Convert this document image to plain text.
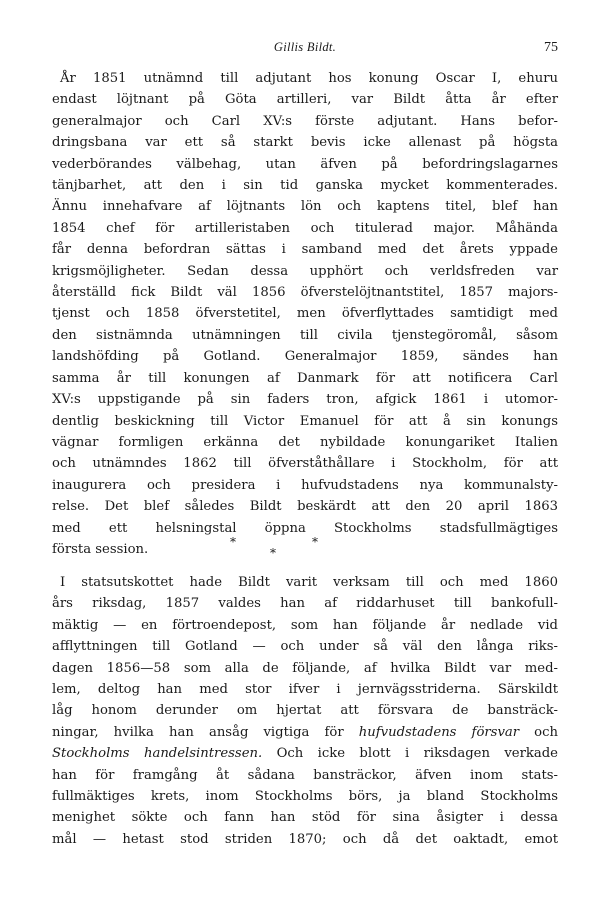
Gillis Bildt.	75
År 1851 utnämnd till adjutant hos konung Oscar I, ehuru
endast löjtnant på Göta artilleri, var Bildt åtta år efter
generalmajor och Carl XV:s förste adjutant. Hans befor-
dringsbana var ett så starkt bevis icke allenast på högsta
vederbörandes välbehag, utan äfven på befordringslagarnes
tänjbarhet, att den i sin tid ganska mycket kommenterades.
Ännu innehafvare af löjtnants lön och kaptens titel, blef han
1854 chef för artilleristaben och titulerad major. Måhända
får denna befordran sättas i samband med det årets yppade
krigsmöjligheter. Sedan dessa upphört och verldsfreden var
återställd fick Bildt väl 1856 öfverstelöjtnantstitel, 1857 majors-
tjenst och 1858 öfverstetitel, men öfverflyttades samtidigt med
den sistnämnda utnämningen till civila tjenstegöromål, såsom
landshöfding på Gotland. Generalmajor 1859, sändes han
samma år till konungen af Danmark för att notificera Carl
XV:s uppstigande på sin faders tron, afgick 1861 i utomor-
dentlig beskickning till Victor Emanuel för att å sin konungs
vägnar formligen erkänna det nybildade konungariket Italien
och utnämndes 1862 till öfverståthållare i Stockholm, för att
inaugurera och presidera i hufvudstadens nya kommunalsty-
relse. Det blef således Bildt beskärdt att den 20 april 1863
med ett helsningstal öppna Stockholms stadsfullmägtiges
första session.	*	*
*
I statsutskottet hade Bildt varit verksam till och med 1860
års riksdag, 1857 valdes han af riddarhuset till bankofull-
mäktig — en förtroendepost, som han följande år nedlade vid
afflyttningen till Gotland — och under så väl den långa riks-
dagen 1856—58 som alla de följande, af hvilka Bildt var med-
lem, deltog han med stor ifver i jernvägsstriderna. Särskildt
låg honom derunder om hjertat att försvara de bansträck-
ningar, hvilka han ansåg vigtiga för hufvudstadens försvar och
Stockholms handelsintressen. Och icke blott i riksdagen verkade
han för framgång åt sådana bansträckor, äfven inom stats-
fullmäktiges krets, inom Stockholms börs, ja bland Stockholms
menighet sökte och fann han stöd för sina åsigter i dessa
mål — hetast stod striden 1870; och då det oaktadt, emot
